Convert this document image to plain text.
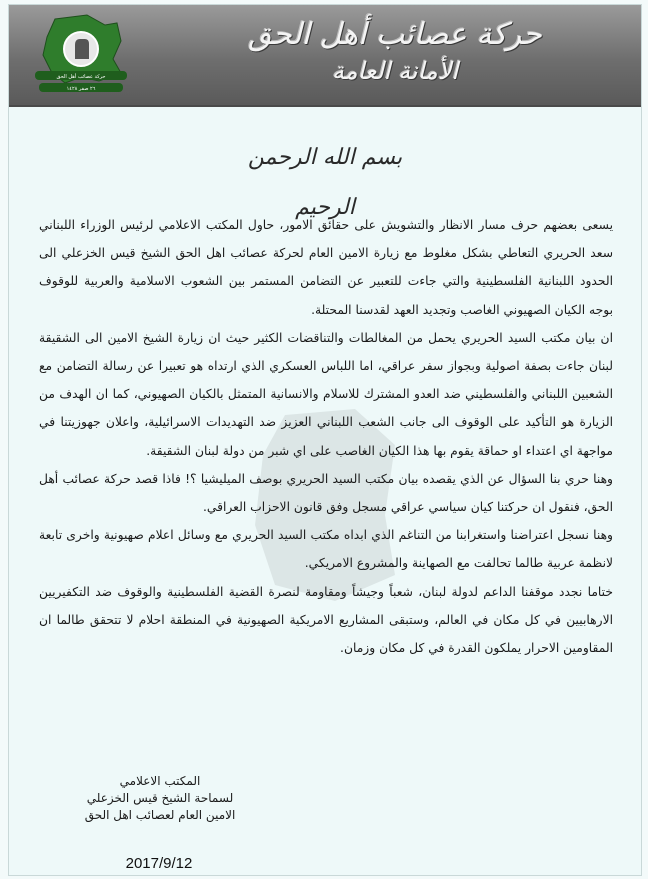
حركة عصائب أهل الحق
٢٦ صفر ١٤٢٨
حركة عصائب أهل الحق
الأمانة العامة
بسم الله الرحمن الرحيم

يسعى بعضهم حرف مسار الانظار والتشويش على حقائق الامور، حاول المكتب الاعلامي لرئيس الوزراء اللبناني سعد الحريري التعاطي بشكل مغلوط مع زيارة الامين العام لحركة عصائب اهل الحق الشيخ قيس الخزعلي الى الحدود اللبنانية الفلسطينية والتي جاءت للتعبير عن التضامن المستمر بين الشعوب الاسلامية والعربية للوقوف بوجه الكيان الصهيوني الغاصب وتجديد العهد لقدسنا المحتلة.

ان بيان مكتب السيد الحريري يحمل من المغالطات والتناقضات الكثير حيث ان زيارة الشيخ الامين الى الشقيقة لبنان جاءت بصفة اصولية وبجواز سفر عراقي، اما اللباس العسكري الذي ارتداه هو تعبيرا عن رسالة التضامن مع الشعبين اللبناني والفلسطيني ضد العدو المشترك للاسلام والانسانية المتمثل بالكيان الصهيوني، كما ان الهدف من الزيارة هو التأكيد على الوقوف الى جانب الشعب اللبناني العزيز ضد التهديدات الاسرائيلية، واعلان جهوزيتنا في مواجهة اي اعتداء او حماقة يقوم بها هذا الكيان الغاصب على اي شبر من دولة لبنان الشقيقة.

وهنا حري بنا السؤال عن الذي يقصده بيان مكتب السيد الحريري بوصف الميليشيا ؟! فاذا قصد حركة عصائب أهل الحق، فنقول ان حركتنا كيان سياسي عراقي مسجل وفق قانون الاحزاب العراقي.

وهنا نسجل اعتراضنا واستغرابنا من التناغم الذي ابداه مكتب السيد الحريري مع وسائل اعلام صهيونية واخرى تابعة لانظمة عربية طالما تحالفت مع الصهاينة والمشروع الامريكي.

ختاما نجدد موقفنا الداعم لدولة لبنان، شعباً وجيشاً ومقاومة لنصرة القضية الفلسطينية والوقوف ضد التكفيريين الارهابيين في كل مكان في العالم، وستبقى المشاريع الامريكية الصهيونية في المنطقة احلام لا تتحقق طالما ان المقاومين الاحرار يملكون القدرة في كل مكان وزمان.

المكتب الاعلامي
لسماحة الشيخ قيس الخزعلي
الامين العام لعصائب اهل الحق
2017/9/12
